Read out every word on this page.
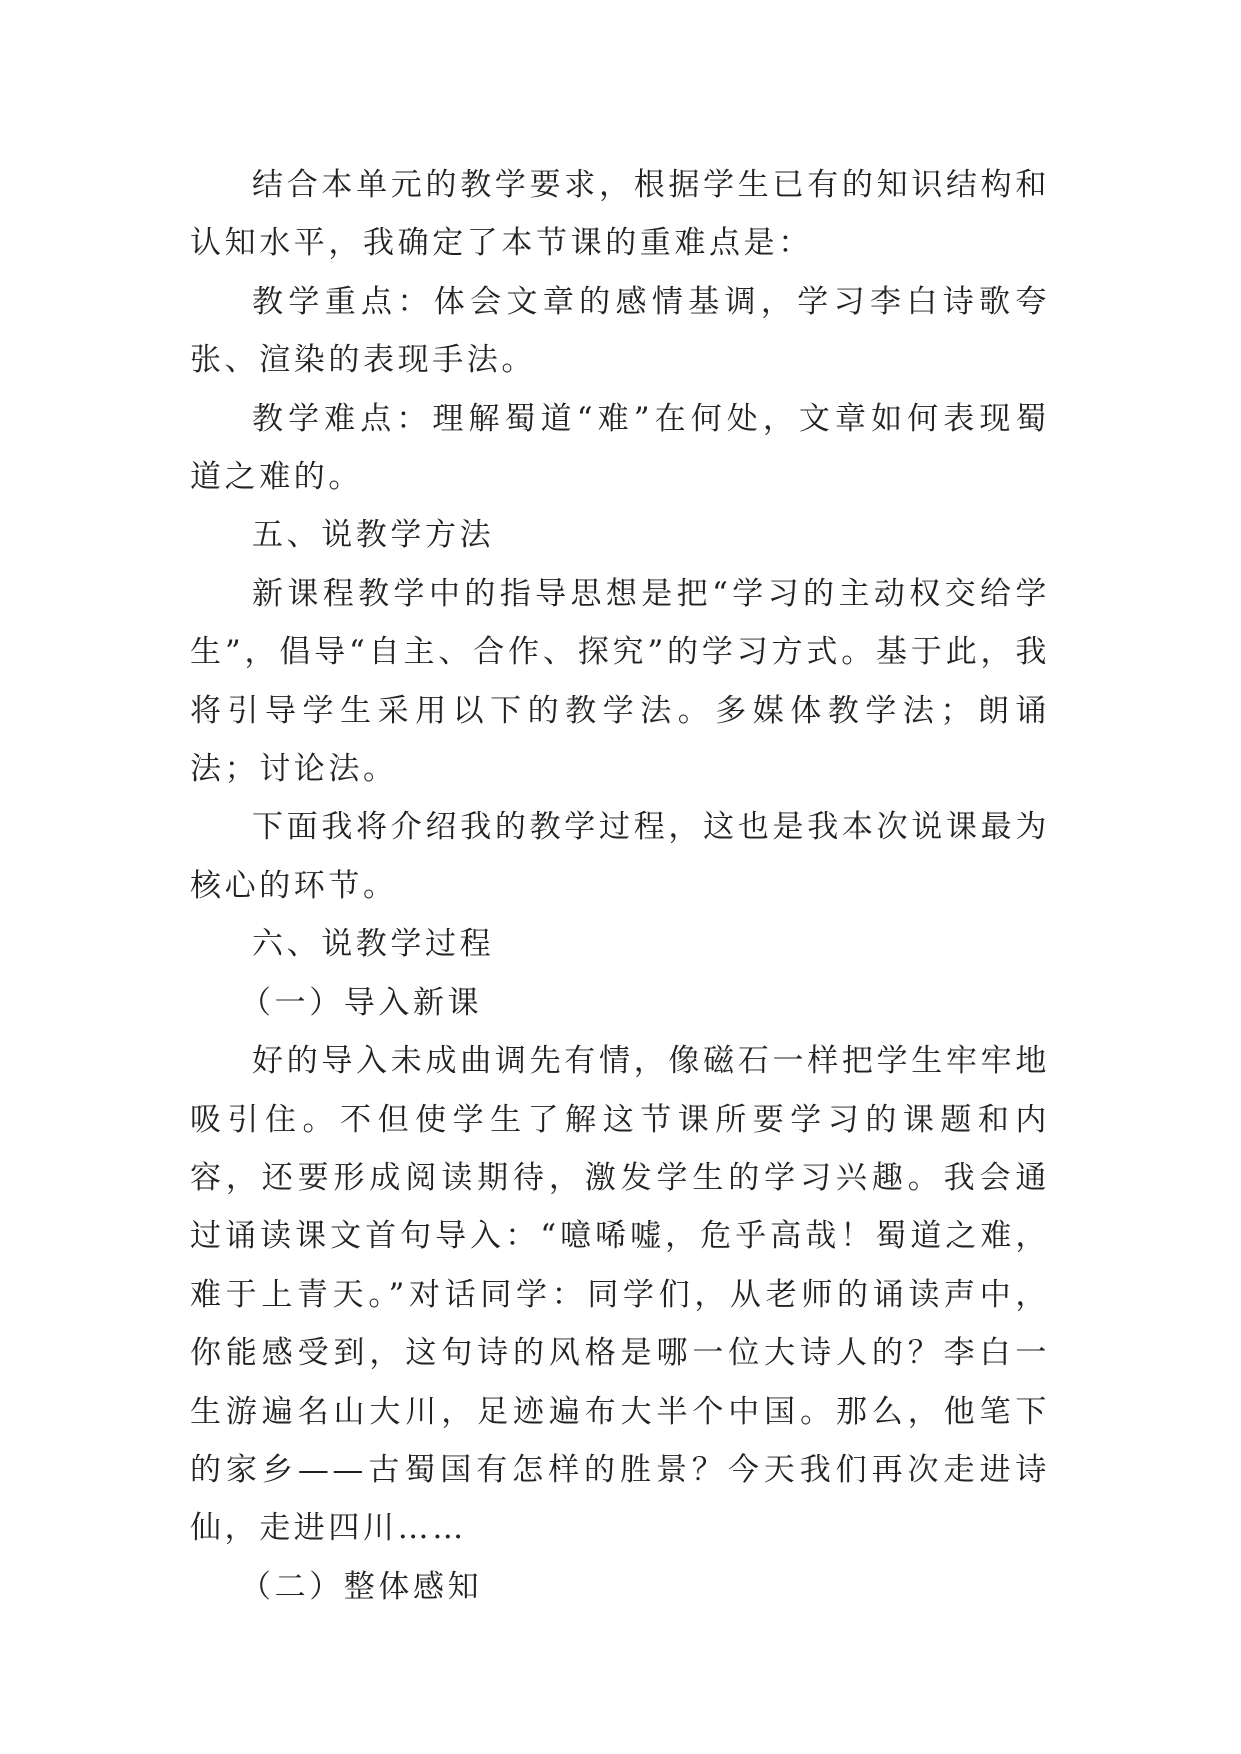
结合本单元的教学要求，根据学生已有的知识结构和认知水平，我确定了本节课的重难点是：

教学重点：体会文章的感情基调，学习李白诗歌夸张、渲染的表现手法。

教学难点：理解蜀道“难”在何处，文章如何表现蜀道之难的。

五、说教学方法

新课程教学中的指导思想是把“学习的主动权交给学生”，倡导“自主、合作、探究”的学习方式。基于此，我将引导学生采用以下的教学法。多媒体教学法；朗诵法；讨论法。

下面我将介绍我的教学过程，这也是我本次说课最为核心的环节。

六、说教学过程

（一）导入新课

好的导入未成曲调先有情，像磁石一样把学生牢牢地吸引住。不但使学生了解这节课所要学习的课题和内容，还要形成阅读期待，激发学生的学习兴趣。我会通过诵读课文首句导入：“噫唏嘘，危乎高哉！蜀道之难，难于上青天。”对话同学：同学们，从老师的诵读声中，你能感受到，这句诗的风格是哪一位大诗人的？李白一生游遍名山大川，足迹遍布大半个中国。那么，他笔下的家乡——古蜀国有怎样的胜景？今天我们再次走进诗仙，走进四川……

（二）整体感知
